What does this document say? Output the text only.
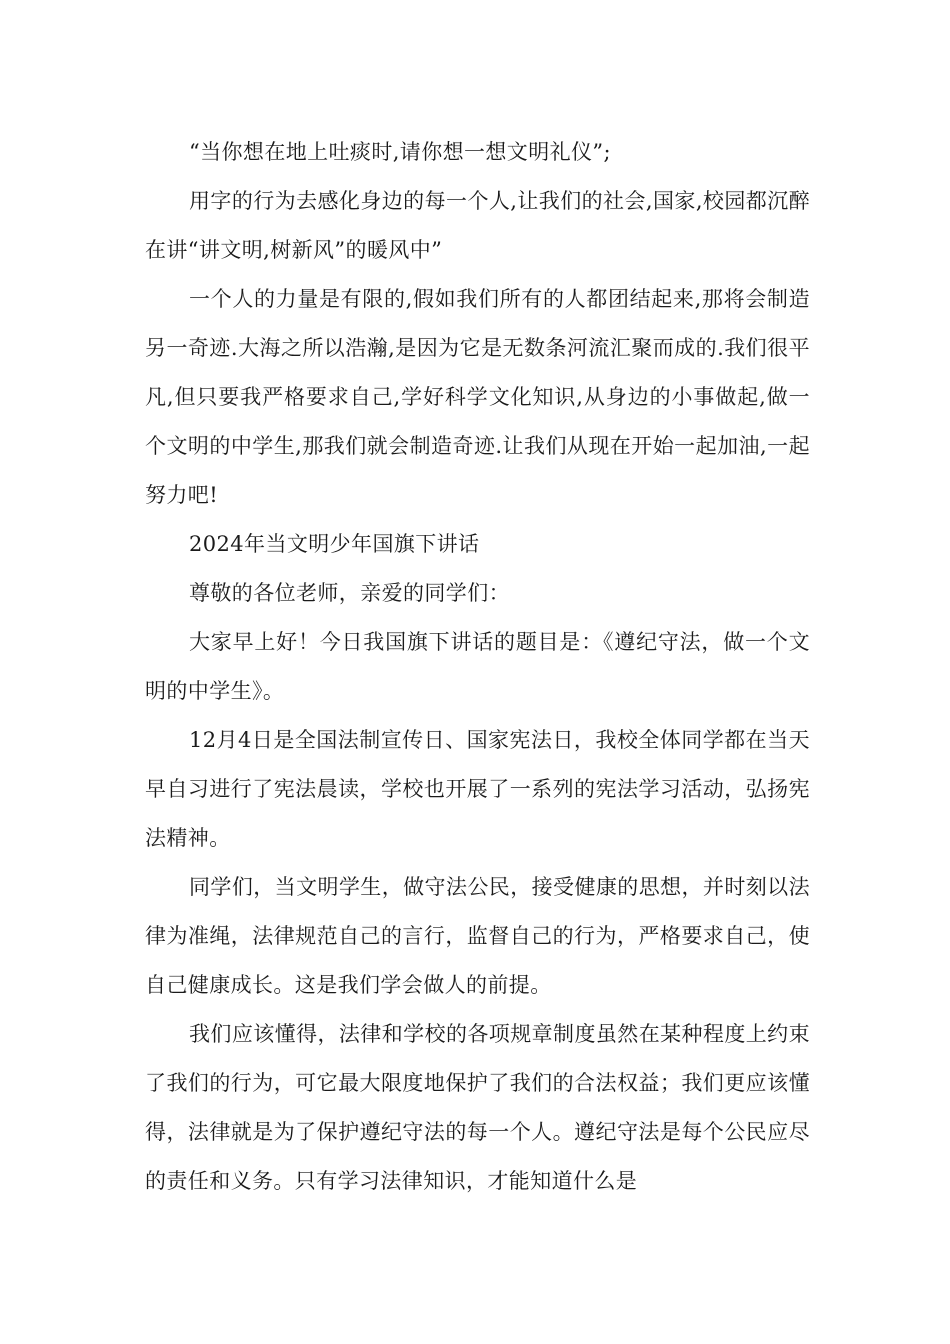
“当你想在地上吐痰时,请你想一想文明礼仪”;

用字的行为去感化身边的每一个人,让我们的社会,国家,校园都沉醉在讲“讲文明,树新风”的暖风中”

一个人的力量是有限的,假如我们所有的人都团结起来,那将会制造另一奇迹.大海之所以浩瀚,是因为它是无数条河流汇聚而成的.我们很平凡,但只要我严格要求自己,学好科学文化知识,从身边的小事做起,做一个文明的中学生,那我们就会制造奇迹.让我们从现在开始一起加油,一起努力吧!

2024年当文明少年国旗下讲话

尊敬的各位老师，亲爱的同学们：

大家早上好！今日我国旗下讲话的题目是：《遵纪守法，做一个文明的中学生》。

12月4日是全国法制宣传日、国家宪法日，我校全体同学都在当天早自习进行了宪法晨读，学校也开展了一系列的宪法学习活动，弘扬宪法精神。

同学们，当文明学生，做守法公民，接受健康的思想，并时刻以法律为准绳，法律规范自己的言行，监督自己的行为，严格要求自己，使自己健康成长。这是我们学会做人的前提。

我们应该懂得，法律和学校的各项规章制度虽然在某种程度上约束了我们的行为，可它最大限度地保护了我们的合法权益；我们更应该懂得，法律就是为了保护遵纪守法的每一个人。遵纪守法是每个公民应尽的责任和义务。只有学习法律知识，才能知道什么是
